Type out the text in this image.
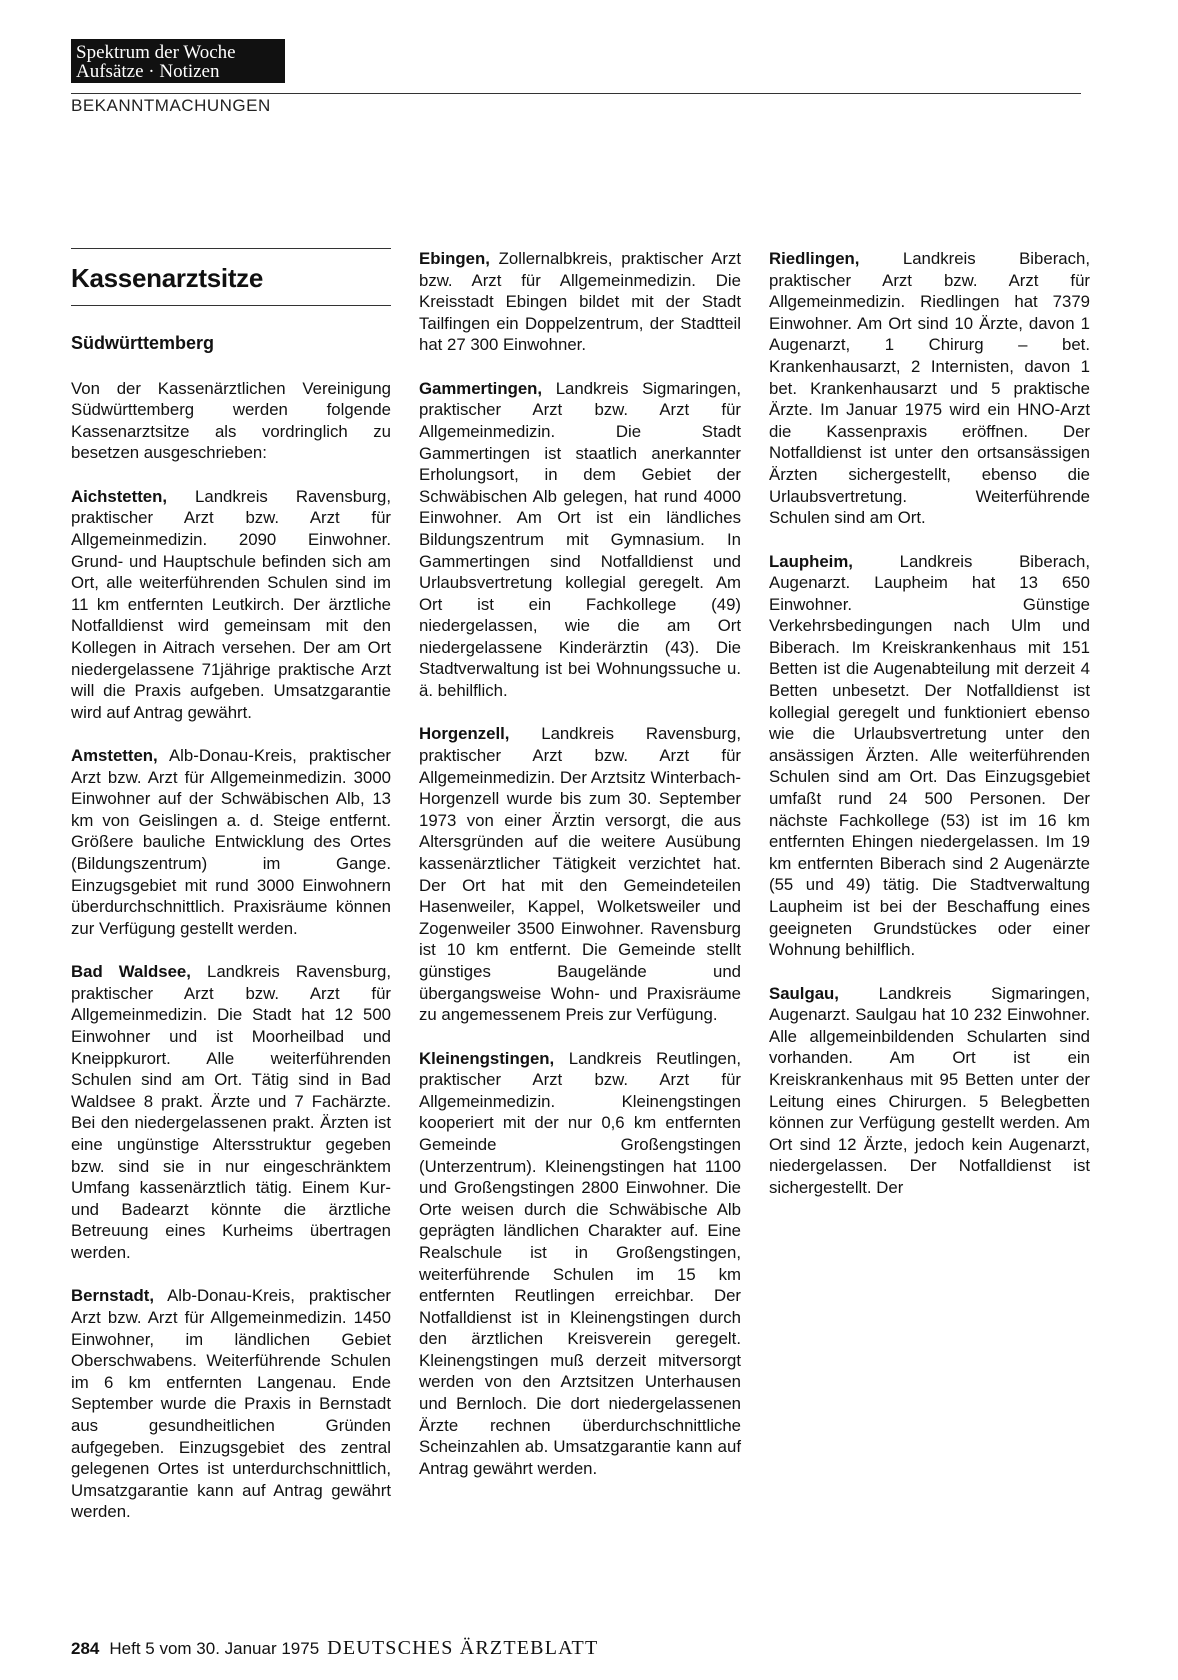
Spektrum der Woche
Aufsätze · Notizen
BEKANNTMACHUNGEN
Kassenarztsitze
Südwürttemberg

Von der Kassenärztlichen Vereinigung Südwürttemberg werden folgende Kassenarztsitze als vordringlich zu besetzen ausgeschrieben:

Aichstetten, Landkreis Ravensburg, praktischer Arzt bzw. Arzt für Allgemeinmedizin. 2090 Einwohner. Grund- und Hauptschule befinden sich am Ort, alle weiterführenden Schulen sind im 11 km entfernten Leutkirch. Der ärztliche Notfalldienst wird gemeinsam mit den Kollegen in Aitrach versehen. Der am Ort niedergelassene 71jährige praktische Arzt will die Praxis aufgeben. Umsatzgarantie wird auf Antrag gewährt.

Amstetten, Alb-Donau-Kreis, praktischer Arzt bzw. Arzt für Allgemeinmedizin. 3000 Einwohner auf der Schwäbischen Alb, 13 km von Geislingen a. d. Steige entfernt. Größere bauliche Entwicklung des Ortes (Bildungszentrum) im Gange. Einzugsgebiet mit rund 3000 Einwohnern überdurchschnittlich. Praxisräume können zur Verfügung gestellt werden.

Bad Waldsee, Landkreis Ravensburg, praktischer Arzt bzw. Arzt für Allgemeinmedizin. Die Stadt hat 12 500 Einwohner und ist Moorheilbad und Kneippkurort. Alle weiterführenden Schulen sind am Ort. Tätig sind in Bad Waldsee 8 prakt. Ärzte und 7 Fachärzte. Bei den niedergelassenen prakt. Ärzten ist eine ungünstige Altersstruktur gegeben bzw. sind sie in nur eingeschränktem Umfang kassenärztlich tätig. Einem Kur- und Badearzt könnte die ärztliche Betreuung eines Kurheims übertragen werden.

Bernstadt, Alb-Donau-Kreis, praktischer Arzt bzw. Arzt für Allgemeinmedizin. 1450 Einwohner, im ländlichen Gebiet Oberschwabens. Weiterführende Schulen im 6 km entfernten Langenau. Ende September wurde die Praxis in Bernstadt aus gesundheitlichen Gründen aufgegeben. Einzugsgebiet des zentral gelegenen Ortes ist unterdurchschnittlich, Umsatzgarantie kann auf Antrag gewährt werden.

Ebingen, Zollernalbkreis, praktischer Arzt bzw. Arzt für Allgemeinmedizin. Die Kreisstadt Ebingen bildet mit der Stadt Tailfingen ein Doppelzentrum, der Stadtteil hat 27 300 Einwohner.

Gammertingen, Landkreis Sigmaringen, praktischer Arzt bzw. Arzt für Allgemeinmedizin. Die Stadt Gammertingen ist staatlich anerkannter Erholungsort, in dem Gebiet der Schwäbischen Alb gelegen, hat rund 4000 Einwohner. Am Ort ist ein ländliches Bildungszentrum mit Gymnasium. In Gammertingen sind Notfalldienst und Urlaubsvertretung kollegial geregelt. Am Ort ist ein Fachkollege (49) niedergelassen, wie die am Ort niedergelassene Kinderärztin (43). Die Stadtverwaltung ist bei Wohnungssuche u. ä. behilflich.

Horgenzell, Landkreis Ravensburg, praktischer Arzt bzw. Arzt für Allgemeinmedizin. Der Arztsitz Winterbach-Horgenzell wurde bis zum 30. September 1973 von einer Ärztin versorgt, die aus Altersgründen auf die weitere Ausübung kassenärztlicher Tätigkeit verzichtet hat. Der Ort hat mit den Gemeindeteilen Hasenweiler, Kappel, Wolketsweiler und Zogenweiler 3500 Einwohner. Ravensburg ist 10 km entfernt. Die Gemeinde stellt günstiges Baugelände und übergangsweise Wohn- und Praxisräume zu angemessenem Preis zur Verfügung.

Kleinengstingen, Landkreis Reutlingen, praktischer Arzt bzw. Arzt für Allgemeinmedizin. Kleinengstingen kooperiert mit der nur 0,6 km entfernten Gemeinde Großengstingen (Unterzentrum). Kleinengstingen hat 1100 und Großengstingen 2800 Einwohner. Die Orte weisen durch die Schwäbische Alb geprägten ländlichen Charakter auf. Eine Realschule ist in Großengstingen, weiterführende Schulen im 15 km entfernten Reutlingen erreichbar. Der Notfalldienst ist in Kleinengstingen durch den ärztlichen Kreisverein geregelt. Kleinengstingen muß derzeit mitversorgt werden von den Arztsitzen Unterhausen und Bernloch. Die dort niedergelassenen Ärzte rechnen überdurchschnittliche Scheinzahlen ab. Umsatzgarantie kann auf Antrag gewährt werden.

Riedlingen, Landkreis Biberach, praktischer Arzt bzw. Arzt für Allgemeinmedizin. Riedlingen hat 7379 Einwohner. Am Ort sind 10 Ärzte, davon 1 Augenarzt, 1 Chirurg – bet. Krankenhausarzt, 2 Internisten, davon 1 bet. Krankenhausarzt und 5 praktische Ärzte. Im Januar 1975 wird ein HNO-Arzt die Kassenpraxis eröffnen. Der Notfalldienst ist unter den ortsansässigen Ärzten sichergestellt, ebenso die Urlaubsvertretung. Weiterführende Schulen sind am Ort.

Laupheim, Landkreis Biberach, Augenarzt. Laupheim hat 13 650 Einwohner. Günstige Verkehrsbedingungen nach Ulm und Biberach. Im Kreiskrankenhaus mit 151 Betten ist die Augenabteilung mit derzeit 4 Betten unbesetzt. Der Notfalldienst ist kollegial geregelt und funktioniert ebenso wie die Urlaubsvertretung unter den ansässigen Ärzten. Alle weiterführenden Schulen sind am Ort. Das Einzugsgebiet umfaßt rund 24 500 Personen. Der nächste Fachkollege (53) ist im 16 km entfernten Ehingen niedergelassen. Im 19 km entfernten Biberach sind 2 Augenärzte (55 und 49) tätig. Die Stadtverwaltung Laupheim ist bei der Beschaffung eines geeigneten Grundstückes oder einer Wohnung behilflich.

Saulgau, Landkreis Sigmaringen, Augenarzt. Saulgau hat 10 232 Einwohner. Alle allgemeinbildenden Schularten sind vorhanden. Am Ort ist ein Kreiskrankenhaus mit 95 Betten unter der Leitung eines Chirurgen. 5 Belegbetten können zur Verfügung gestellt werden. Am Ort sind 12 Ärzte, jedoch kein Augenarzt, niedergelassen. Der Notfalldienst ist sichergestellt. Der

284 Heft 5 vom 30. Januar 1975 DEUTSCHES ÄRZTEBLATT
